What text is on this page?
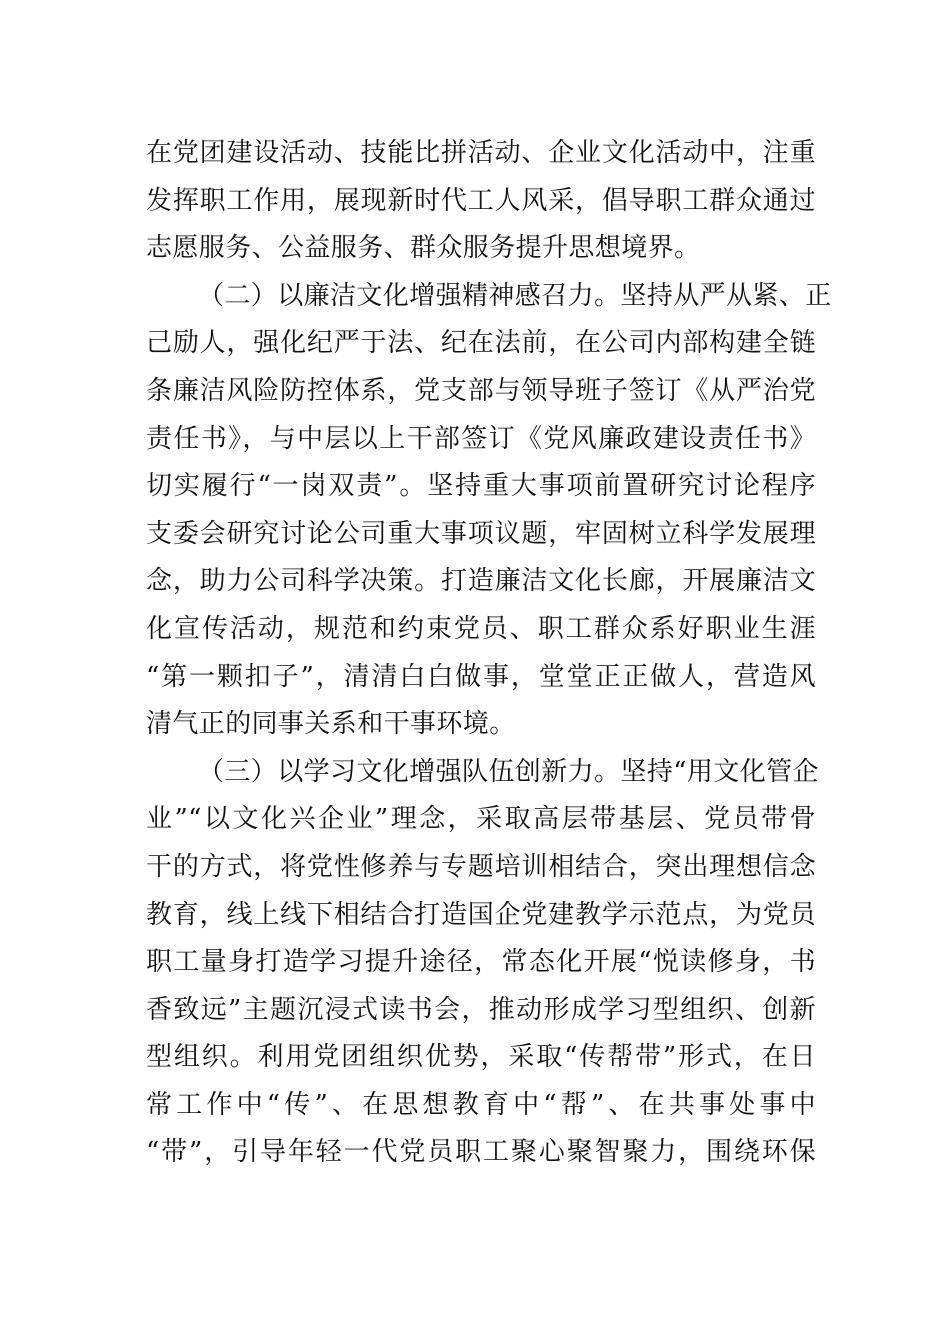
在党团建设活动、技能比拼活动、企业文化活动中，注重
发挥职工作用，展现新时代工人风采，倡导职工群众通过
志愿服务、公益服务、群众服务提升思想境界。
（二）以廉洁文化增强精神感召力。坚持从严从紧、正
己励人，强化纪严于法、纪在法前，在公司内部构建全链
条廉洁风险防控体系，党支部与领导班子签订《从严治党
责任书》，与中层以上干部签订《党风廉政建设责任书》
切实履行“一岗双责”。坚持重大事项前置研究讨论程序
支委会研究讨论公司重大事项议题，牢固树立科学发展理
念，助力公司科学决策。打造廉洁文化长廊，开展廉洁文
化宣传活动，规范和约束党员、职工群众系好职业生涯
“第一颗扣子”，清清白白做事，堂堂正正做人，营造风
清气正的同事关系和干事环境。
（三）以学习文化增强队伍创新力。坚持“用文化管企
业”“以文化兴企业”理念，采取高层带基层、党员带骨
干的方式，将党性修养与专题培训相结合，突出理想信念
教育，线上线下相结合打造国企党建教学示范点，为党员
职工量身打造学习提升途径，常态化开展“悦读修身，书
香致远”主题沉浸式读书会，推动形成学习型组织、创新
型组织。利用党团组织优势，采取“传帮带”形式，在日
常工作中“传”、在思想教育中“帮”、在共事处事中
“带”，引导年轻一代党员职工聚心聚智聚力，围绕环保
